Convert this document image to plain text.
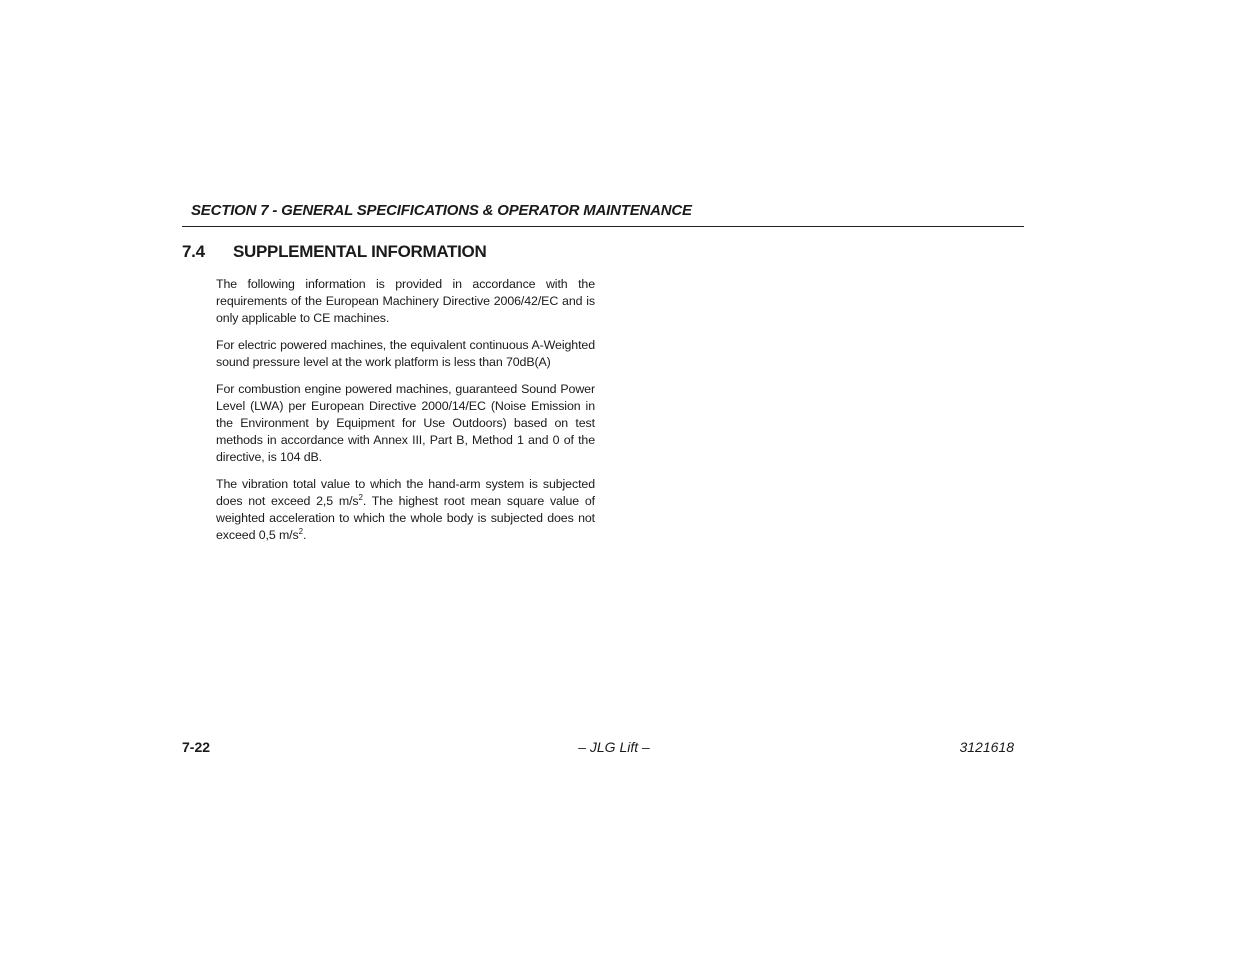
SECTION 7 - GENERAL SPECIFICATIONS & OPERATOR MAINTENANCE
7.4 SUPPLEMENTAL INFORMATION

The following information is provided in accordance with the requirements of the European Machinery Directive 2006/42/EC and is only applicable to CE machines.

For electric powered machines, the equivalent continuous A-Weighted sound pressure level at the work platform is less than 70dB(A)

For combustion engine powered machines, guaranteed Sound Power Level (LWA) per European Directive 2000/14/EC (Noise Emission in the Environment by Equipment for Use Outdoors) based on test methods in accordance with Annex III, Part B, Method 1 and 0 of the directive, is 104 dB.

The vibration total value to which the hand-arm system is subjected does not exceed 2,5 $m/s^2$. The highest root mean square value of weighted acceleration to which the whole body is subjected does not exceed 0,5 $m/s^2$.

7-22	– JLG Lift –	3121618
